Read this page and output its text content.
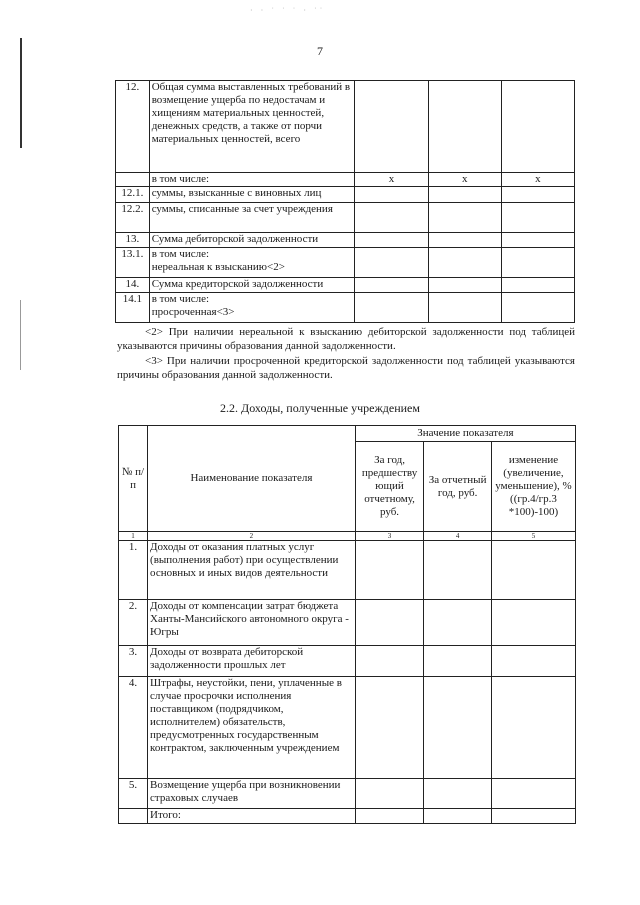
· · ˙ ˙ ˙ · ˙˙
7
12.	Общая сумма выставленных требований в возмещение ущерба по недостачам и хищениям материальных ценностей, денежных средств, а также от порчи материальных ценностей, всего			
	в том числе:	x	x	x
12.1.	суммы, взысканные с виновных лиц			
12.2.	суммы, списанные за счет учреждения			
13.	Сумма дебиторской задолженности			
13.1.	в том числе:
нереальная к взысканию<2>			

14.	Сумма кредиторской задолженности			
14.1	в том числе:
просроченная<3>			

<2> При наличии нереальной к взысканию дебиторской задолженности под таблицей указываются причины образования данной задолженности.
<3> При наличии просроченной кредиторской задолженности под таблицей указываются причины образования данной задолженности.
2.2. Доходы, полученные учреждением
№ п/п	Наименование показателя	Значение показателя		
		За год, предшеству ющий отчетному, руб.	За отчетный год, руб.	изменение (увеличение, уменьшение), % ((гр.4/гр.3 *100)-100)
1	2	3	4	5
1.	Доходы от оказания платных услуг (выполнения работ) при осуществлении основных и иных видов деятельности			
2.	Доходы от компенсации затрат бюджета Ханты-Мансийского автономного округа - Югры			
3.	Доходы от возврата дебиторской задолженности прошлых лет			
4.	Штрафы, неустойки, пени, уплаченные в случае просрочки исполнения поставщиком (подрядчиком, исполнителем) обязательств, предусмотренных государственным контрактом, заключенным учреждением			
5.	Возмещение ущерба при возникновении страховых случаев			
	Итого:			
